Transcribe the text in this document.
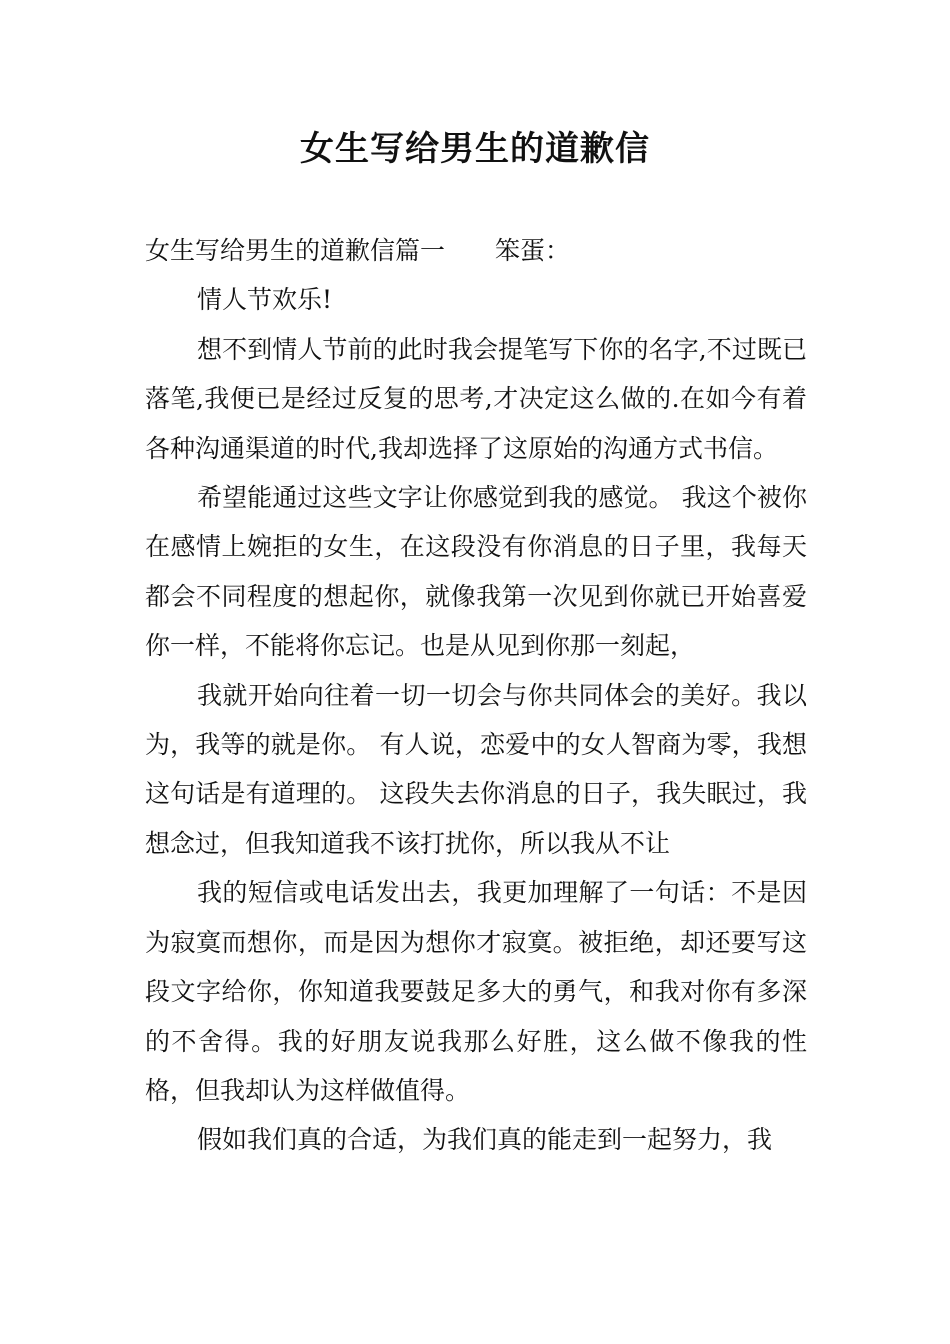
女生写给男生的道歉信

女生写给男生的道歉信篇一 笨蛋：

情人节欢乐!

想不到情人节前的此时我会提笔写下你的名字,不过既已落笔,我便已是经过反复的思考,才决定这么做的.在如今有着各种沟通渠道的时代,我却选择了这原始的沟通方式书信。

希望能通过这些文字让你感觉到我的感觉。 我这个被你在感情上婉拒的女生，在这段没有你消息的日子里，我每天都会不同程度的想起你，就像我第一次见到你就已开始喜爱你一样，不能将你忘记。也是从见到你那一刻起，

我就开始向往着一切一切会与你共同体会的美好。我以为，我等的就是你。 有人说，恋爱中的女人智商为零，我想这句话是有道理的。 这段失去你消息的日子，我失眠过，我想念过，但我知道我不该打扰你，所以我从不让

我的短信或电话发出去，我更加理解了一句话：不是因为寂寞而想你，而是因为想你才寂寞。被拒绝，却还要写这段文字给你，你知道我要鼓足多大的勇气，和我对你有多深的不舍得。我的好朋友说我那么好胜，这么做不像我的性格，但我却认为这样做值得。

假如我们真的合适，为我们真的能走到一起努力，我
